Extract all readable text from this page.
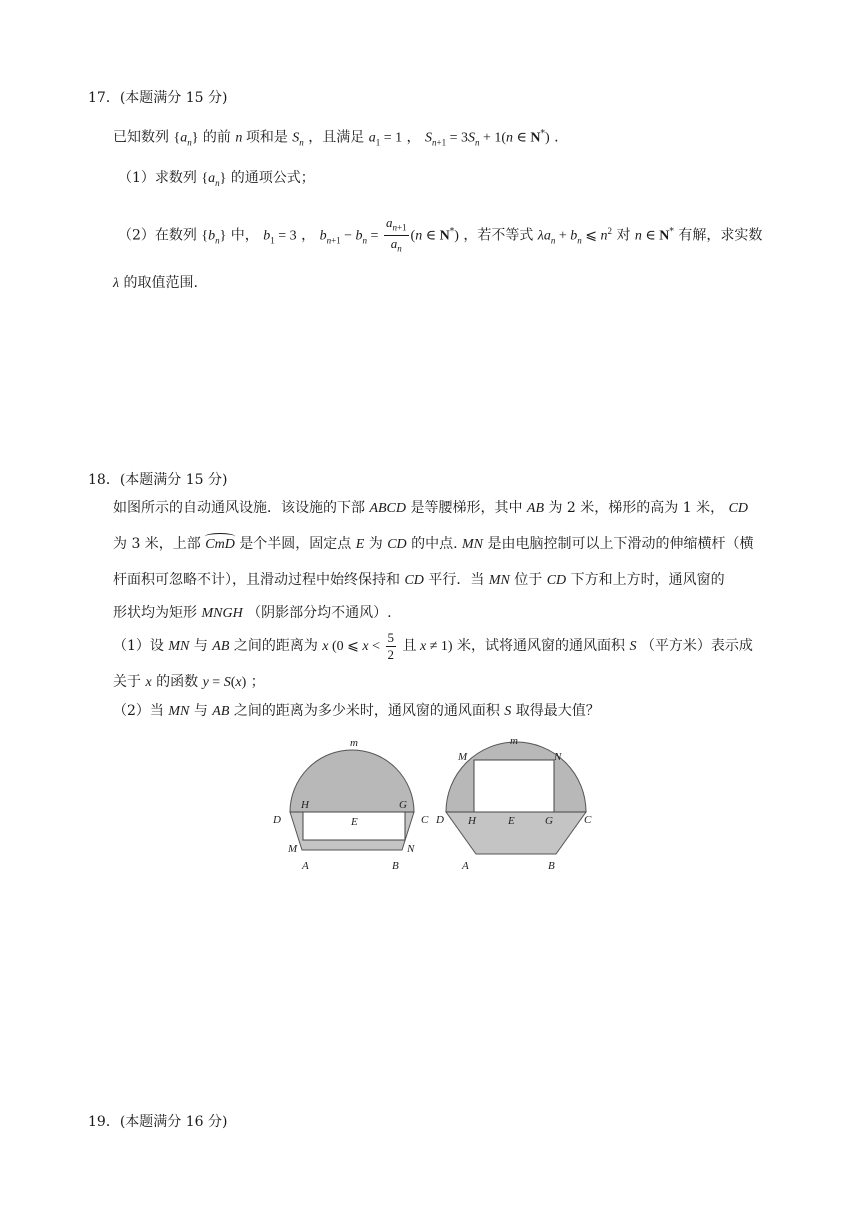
17．(本题满分 15 分)
已知数列 $\{a_n\}$ 的前 n 项和是 $S_n$ ，且满足 $a_1 = 1$ ， $S_{n+1} = 3S_n + 1(n$ ∈ N*) .
（1）求数列 $\{a_n\}$ 的通项公式；
（2）在数列 $\{b_n\}$ 中， $b_1 = 3$ ， $b_{n+1} - b_n = \frac{a_{n+1}}{a_n} (n$ ∈ N*) ，若不等式 $\lambda a_n + b_n$ ⩽ $n^2$ 对 n ∈ N* 有解，求实数
λ 的取值范围.
18．(本题满分 15 分)
如图所示的自动通风设施．该设施的下部 ABCD 是等腰梯形，其中 AB 为 2 米，梯形的高为 1 米， CD
为 3 米，上部 CmD 是个半圆，固定点 E 为 CD 的中点. MN 是由电脑控制可以上下滑动的伸缩横杆（横
杆面积可忽略不计），且滑动过程中始终保持和 CD 平行．当 MN 位于 CD 下方和上方时，通风窗的
形状均为矩形 MNGH （阴影部分均不通风）.
（1）设 MN 与 AB 之间的距离为 x (0 ⩽ $x < \frac{5}{2}$ 且 x ≠ 1) 米，试将通风窗的通风面积 S （平方米）表示成
关于 x 的函数 y = S(x) ；
（2）当 MN 与 AB 之间的距离为多少米时，通风窗的通风面积 S 取得最大值？
m
H	G
D	E	C
M	N
A	B
m
M	N
D H	E	G	C
A	B
19．(本题满分 16 分)
